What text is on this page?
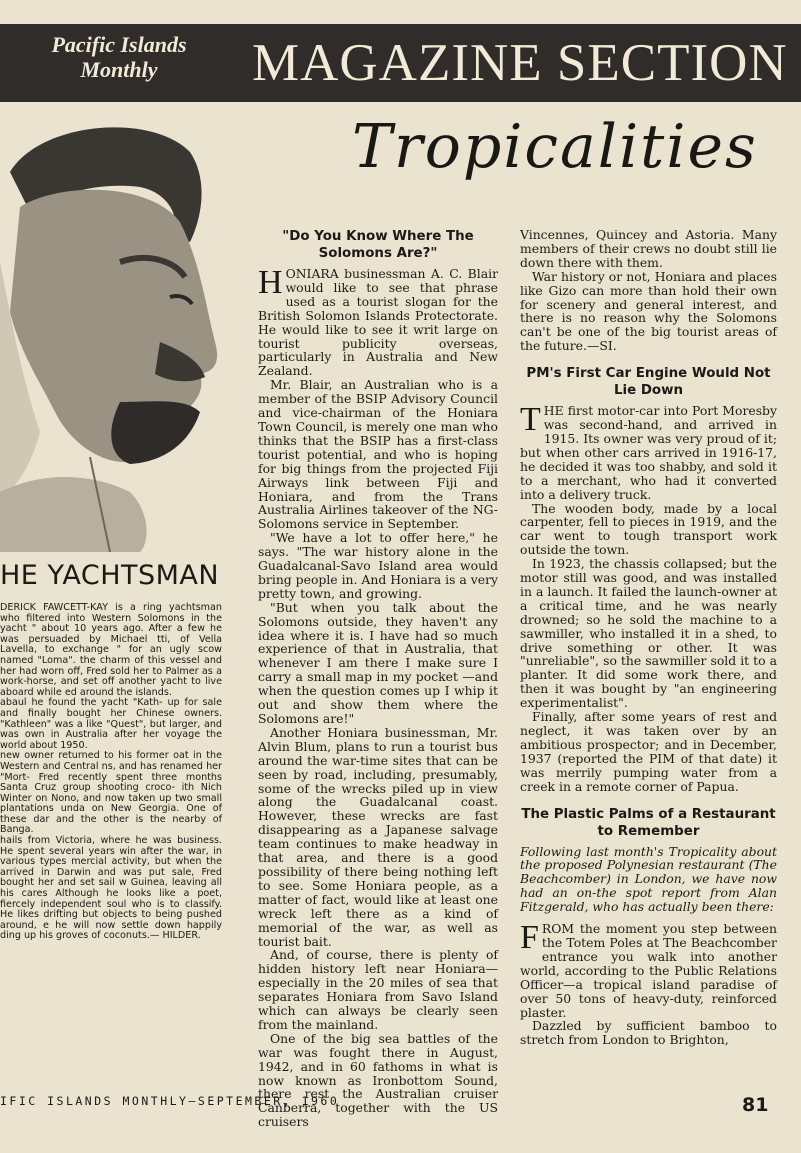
Pacific Islands Monthly	MAGAZINE SECTION
Tropicalities
HE YACHTSMAN

DERICK FAWCETT-KAY is a ring yachtsman who filtered into Western Solomons in the yacht " about 10 years ago. After a few he was persuaded by Michael tti, of Vella Lavella, to exchange " for an ugly scow named "Loma". the charm of this vessel and her had worn off, Fred sold her to Palmer as a work-horse, and set off another yacht to live aboard while ed around the islands.

abaul he found the yacht "Kath- up for sale and finally bought her Chinese owners. "Kathleen" was a like "Quest", but larger, and was own in Australia after her voyage the world about 1950.

new owner returned to his former oat in the Western and Central ns, and has renamed her "Mort- Fred recently spent three months Santa Cruz group shooting croco- ith Nich Winter on Nono, and now taken up two small plantations unda on New Georgia. One of these dar and the other is the nearby of Banga.

hails from Victoria, where he was business. He spent several years win after the war, in various types mercial activity, but when the arrived in Darwin and was put sale, Fred bought her and set sail w Guinea, leaving all his cares Although he looks like a poet, fiercely independent soul who is to classify. He likes drifting but objects to being pushed around, e he will now settle down happily ding up his groves of coconuts.— HILDER.

"Do You Know Where The Solomons Are?"

HONIARA businessman A. C. Blair would like to see that phrase used as a tourist slogan for the British Solomon Islands Protectorate. He would like to see it writ large on tourist publicity overseas, particularly in Australia and New Zealand.

Mr. Blair, an Australian who is a member of the BSIP Advisory Council and vice-chairman of the Honiara Town Council, is merely one man who thinks that the BSIP has a first-class tourist potential, and who is hoping for big things from the projected Fiji Airways link between Fiji and Honiara, and from the Trans Australia Airlines takeover of the NG-Solomons service in September.

"We have a lot to offer here," he says. "The war history alone in the Guadalcanal-Savo Island area would bring people in. And Honiara is a very pretty town, and growing.

"But when you talk about the Solomons outside, they haven't any idea where it is. I have had so much experience of that in Australia, that whenever I am there I make sure I carry a small map in my pocket —and when the question comes up I whip it out and show them where the Solomons are!"

Another Honiara businessman, Mr. Alvin Blum, plans to run a tourist bus around the war-time sites that can be seen by road, including, presumably, some of the wrecks piled up in view along the Guadalcanal coast. However, these wrecks are fast disappearing as a Japanese salvage team continues to make headway in that area, and there is a good possibility of there being nothing left to see. Some Honiara people, as a matter of fact, would like at least one wreck left there as a kind of memorial of the war, as well as tourist bait.

And, of course, there is plenty of hidden history left near Honiara—especially in the 20 miles of sea that separates Honiara from Savo Island which can always be clearly seen from the mainland.

One of the big sea battles of the war was fought there in August, 1942, and in 60 fathoms in what is now known as Ironbottom Sound, there rest the Australian cruiser Canberra, together with the US cruisers

Vincennes, Quincey and Astoria. Many members of their crews no doubt still lie down there with them.

War history or not, Honiara and places like Gizo can more than hold their own for scenery and general interest, and there is no reason why the Solomons can't be one of the big tourist areas of the future.—SI.

PM's First Car Engine Would Not Lie Down

THE first motor-car into Port Moresby was second-hand, and arrived in 1915. Its owner was very proud of it; but when other cars arrived in 1916-17, he decided it was too shabby, and sold it to a merchant, who had it converted into a delivery truck.

The wooden body, made by a local carpenter, fell to pieces in 1919, and the car went to tough transport work outside the town.

In 1923, the chassis collapsed; but the motor still was good, and was installed in a launch. It failed the launch-owner at a critical time, and he was nearly drowned; so he sold the machine to a sawmiller, who installed it in a shed, to drive something or other. It was "unreliable", so the sawmiller sold it to a planter. It did some work there, and then it was bought by "an engineering experimentalist".

Finally, after some years of rest and neglect, it was taken over by an ambitious prospector; and in December, 1937 (reported the PIM of that date) it was merrily pumping water from a creek in a remote corner of Papua.

The Plastic Palms of a Restaurant to Remember

Following last month's Tropicality about the proposed Polynesian restaurant (The Beachcomber) in London, we have now had an on-the spot report from Alan Fitzgerald, who has actually been there:

FROM the moment you step between the Totem Poles at The Beachcomber entrance you walk into another world, according to the Public Relations Officer—a tropical island paradise of over 50 tons of heavy-duty, reinforced plaster.

Dazzled by sufficient bamboo to stretch from London to Brighton,

IFIC ISLANDS MONTHLY—SEPTEMBER, 1960	81
